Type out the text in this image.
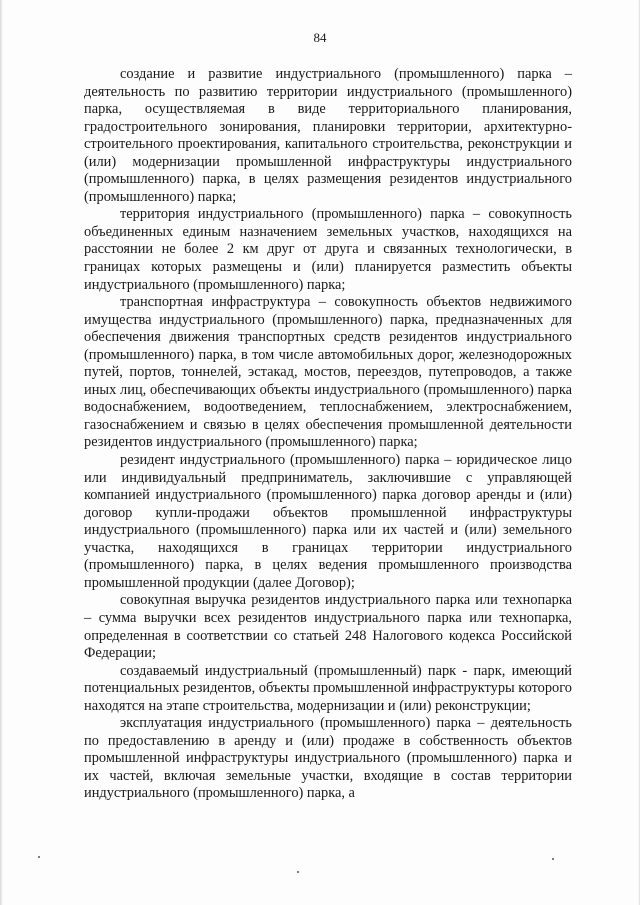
84

создание и развитие индустриального (промышленного) парка – деятельность по развитию территории индустриального (промышленного) парка, осуществляемая в виде территориального планирования, градостроительного зонирования, планировки территории, архитектурно-строительного проектирования, капитального строительства, реконструкции и (или) модернизации промышленной инфраструктуры индустриального (промышленного) парка, в целях размещения резидентов индустриального (промышленного) парка;

территория индустриального (промышленного) парка – совокупность объединенных единым назначением земельных участков, находящихся на расстоянии не более 2 км друг от друга и связанных технологически, в границах которых размещены и (или) планируется разместить объекты индустриального (промышленного) парка;

транспортная инфраструктура – совокупность объектов недвижимого имущества индустриального (промышленного) парка, предназначенных для обеспечения движения транспортных средств резидентов индустриального (промышленного) парка, в том числе автомобильных дорог, железнодорожных путей, портов, тоннелей, эстакад, мостов, переездов, путепроводов, а также иных лиц, обеспечивающих объекты индустриального (промышленного) парка водоснабжением, водоотведением, теплоснабжением, электроснабжением, газоснабжением и связью в целях обеспечения промышленной деятельности резидентов индустриального (промышленного) парка;

резидент индустриального (промышленного) парка – юридическое лицо или индивидуальный предприниматель, заключившие с управляющей компанией индустриального (промышленного) парка договор аренды и (или) договор купли-продажи объектов промышленной инфраструктуры индустриального (промышленного) парка или их частей и (или) земельного участка, находящихся в границах территории индустриального (промышленного) парка, в целях ведения промышленного производства промышленной продукции (далее Договор);

совокупная выручка резидентов индустриального парка или технопарка – сумма выручки всех резидентов индустриального парка или технопарка, определенная в соответствии со статьей 248 Налогового кодекса Российской Федерации;

создаваемый индустриальный (промышленный) парк - парк, имеющий потенциальных резидентов, объекты промышленной инфраструктуры которого находятся на этапе строительства, модернизации и (или) реконструкции;

эксплуатация индустриального (промышленного) парка – деятельность по предоставлению в аренду и (или) продаже в собственность объектов промышленной инфраструктуры индустриального (промышленного) парка и их частей, включая земельные участки, входящие в состав территории индустриального (промышленного) парка, а
